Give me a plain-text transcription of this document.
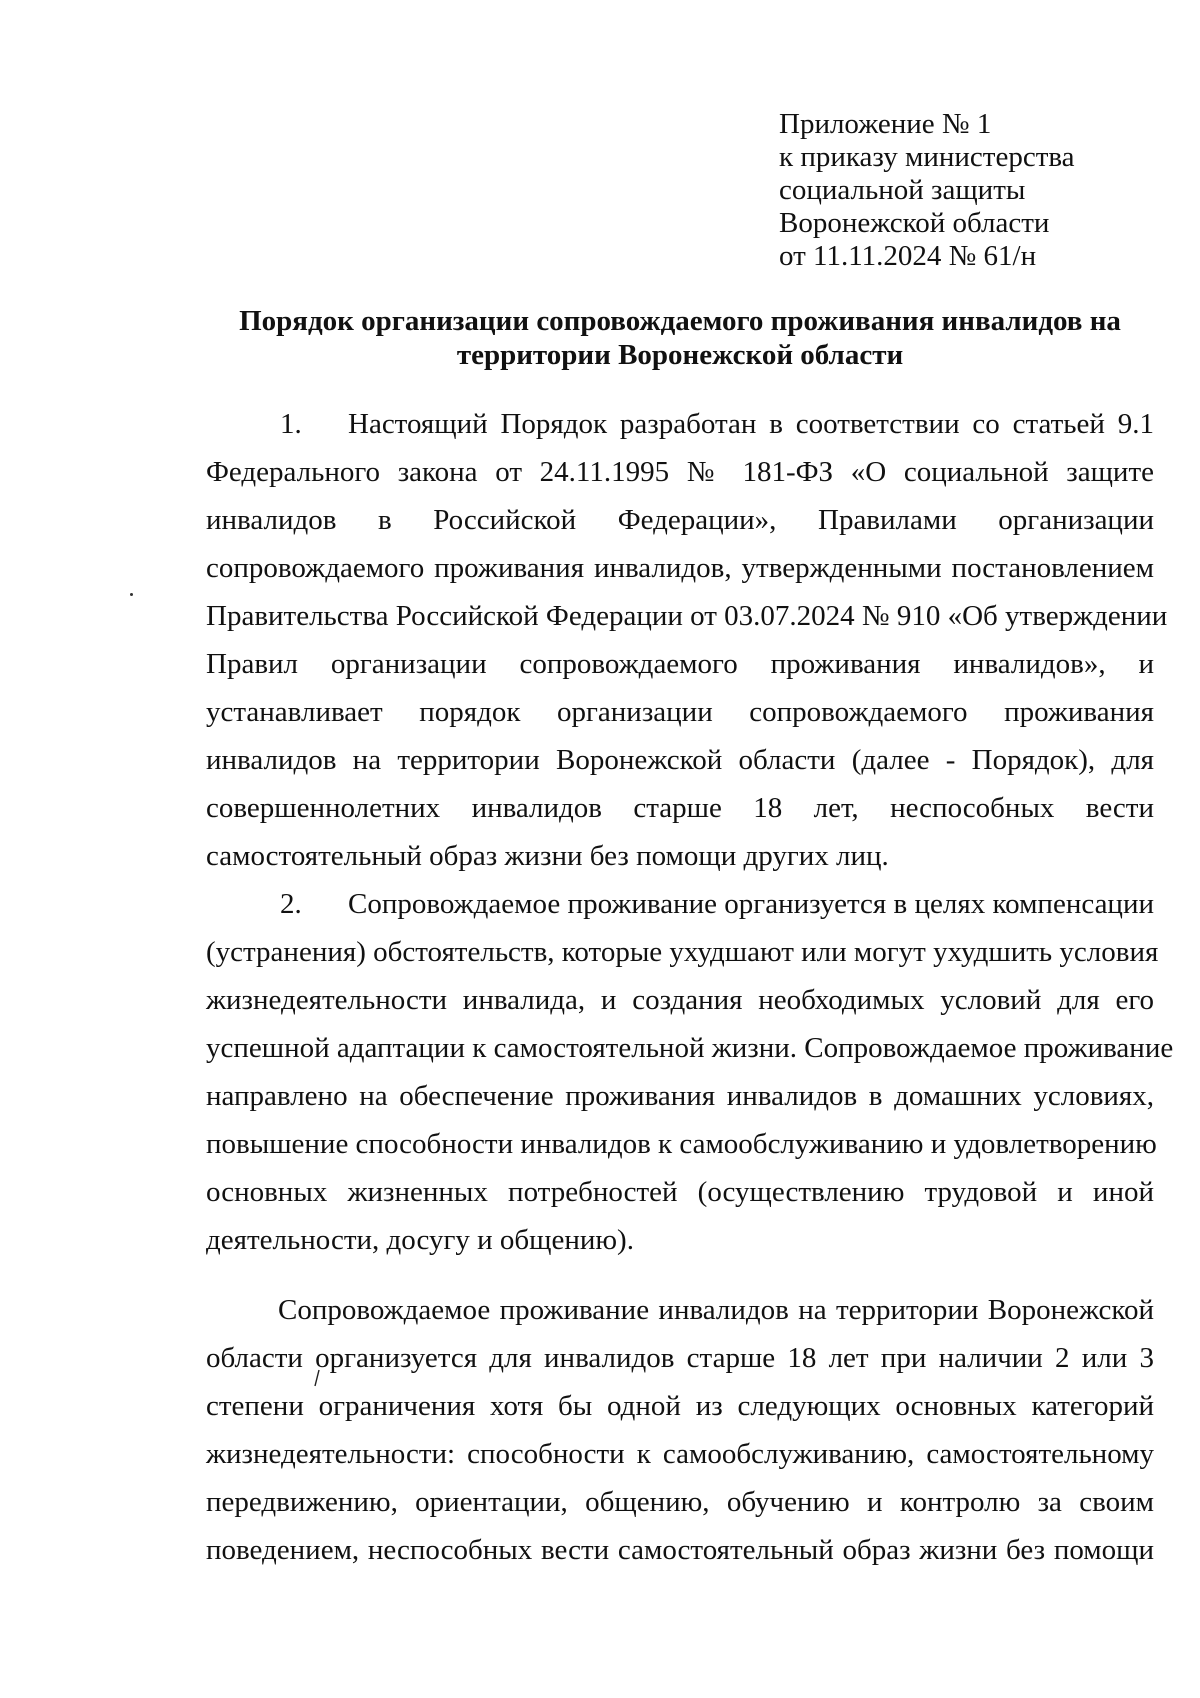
Приложение № 1
к приказу министерства
социальной защиты
Воронежской области
от 11.11.2024 № 61/н
Порядок организации сопровождаемого проживания инвалидов на
территории Воронежской области
1. Настоящий Порядок разработан в соответствии со статьей 9.1
Федерального закона от 24.11.1995 № 181-ФЗ «О социальной защите
инвалидов в Российской Федерации», Правилами организации
сопровождаемого проживания инвалидов, утвержденными постановлением
Правительства Российской Федерации от 03.07.2024 № 910 «Об утверждении
Правил организации сопровождаемого проживания инвалидов», и
устанавливает порядок организации сопровождаемого проживания
инвалидов на территории Воронежской области (далее - Порядок), для
совершеннолетних инвалидов старше 18 лет, неспособных вести
самостоятельный образ жизни без помощи других лиц.
2. Сопровождаемое проживание организуется в целях компенсации
(устранения) обстоятельств, которые ухудшают или могут ухудшить условия
жизнедеятельности инвалида, и создания необходимых условий для его
успешной адаптации к самостоятельной жизни. Сопровождаемое проживание
направлено на обеспечение проживания инвалидов в домашних условиях,
повышение способности инвалидов к самообслуживанию и удовлетворению
основных жизненных потребностей (осуществлению трудовой и иной
деятельности, досугу и общению).
Сопровождаемое проживание инвалидов на территории Воронежской
области организуется для инвалидов старше 18 лет при наличии 2 или 3
степени ограничения хотя бы одной из следующих основных категорий
жизнедеятельности: способности к самообслуживанию, самостоятельному
передвижению, ориентации, общению, обучению и контролю за своим
поведением, неспособных вести самостоятельный образ жизни без помощи
